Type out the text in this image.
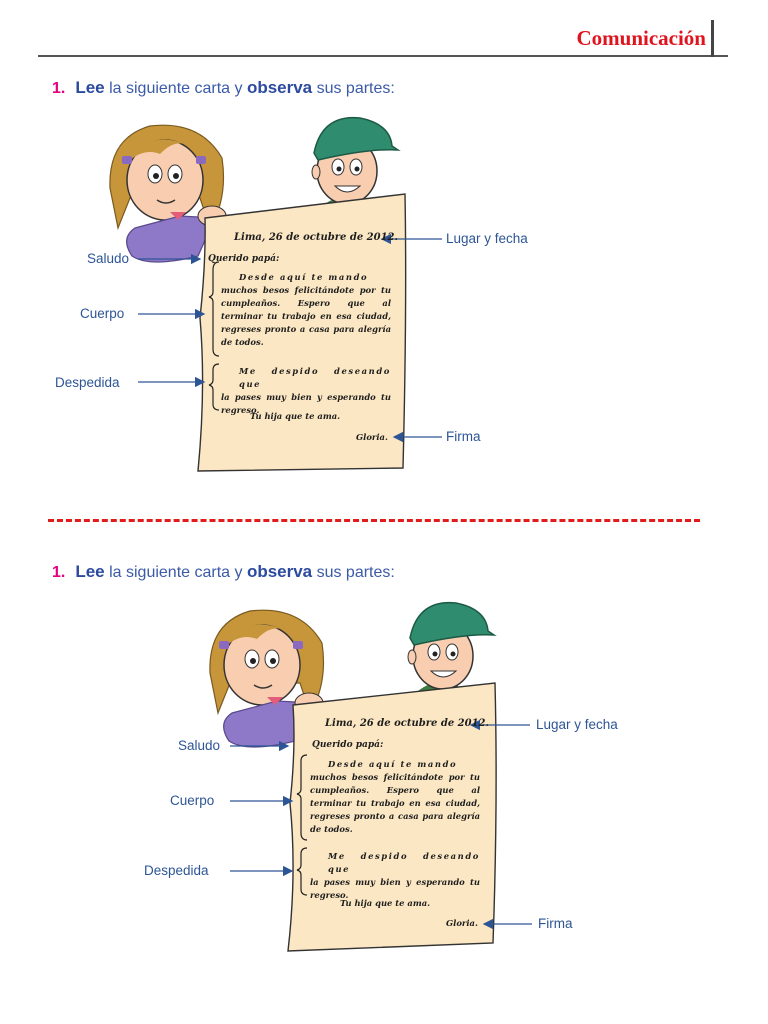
Comunicación
1. Lee la siguiente carta y observa sus partes:
Lima, 26 de octubre de 2012.
Querido papá:
Desde aquí te mando
muchos besos felicitándote por tu cumpleaños. Espero que al terminar tu trabajo en esa ciudad, regreses pronto a casa para alegría de todos.
Me despido deseando que
la pases muy bien y esperando tu regreso.
Tu hija que te ama.
Gloria.
Lugar y fecha
Saludo
Cuerpo
Despedida
Firma
1. Lee la siguiente carta y observa sus partes:
Lima, 26 de octubre de 2012.
Querido papá:
Desde aquí te mando
muchos besos felicitándote por tu cumpleaños. Espero que al terminar tu trabajo en esa ciudad, regreses pronto a casa para alegría de todos.
Me despido deseando que
la pases muy bien y esperando tu regreso.
Tu hija que te ama.
Gloria.
Lugar y fecha
Saludo
Cuerpo
Despedida
Firma
